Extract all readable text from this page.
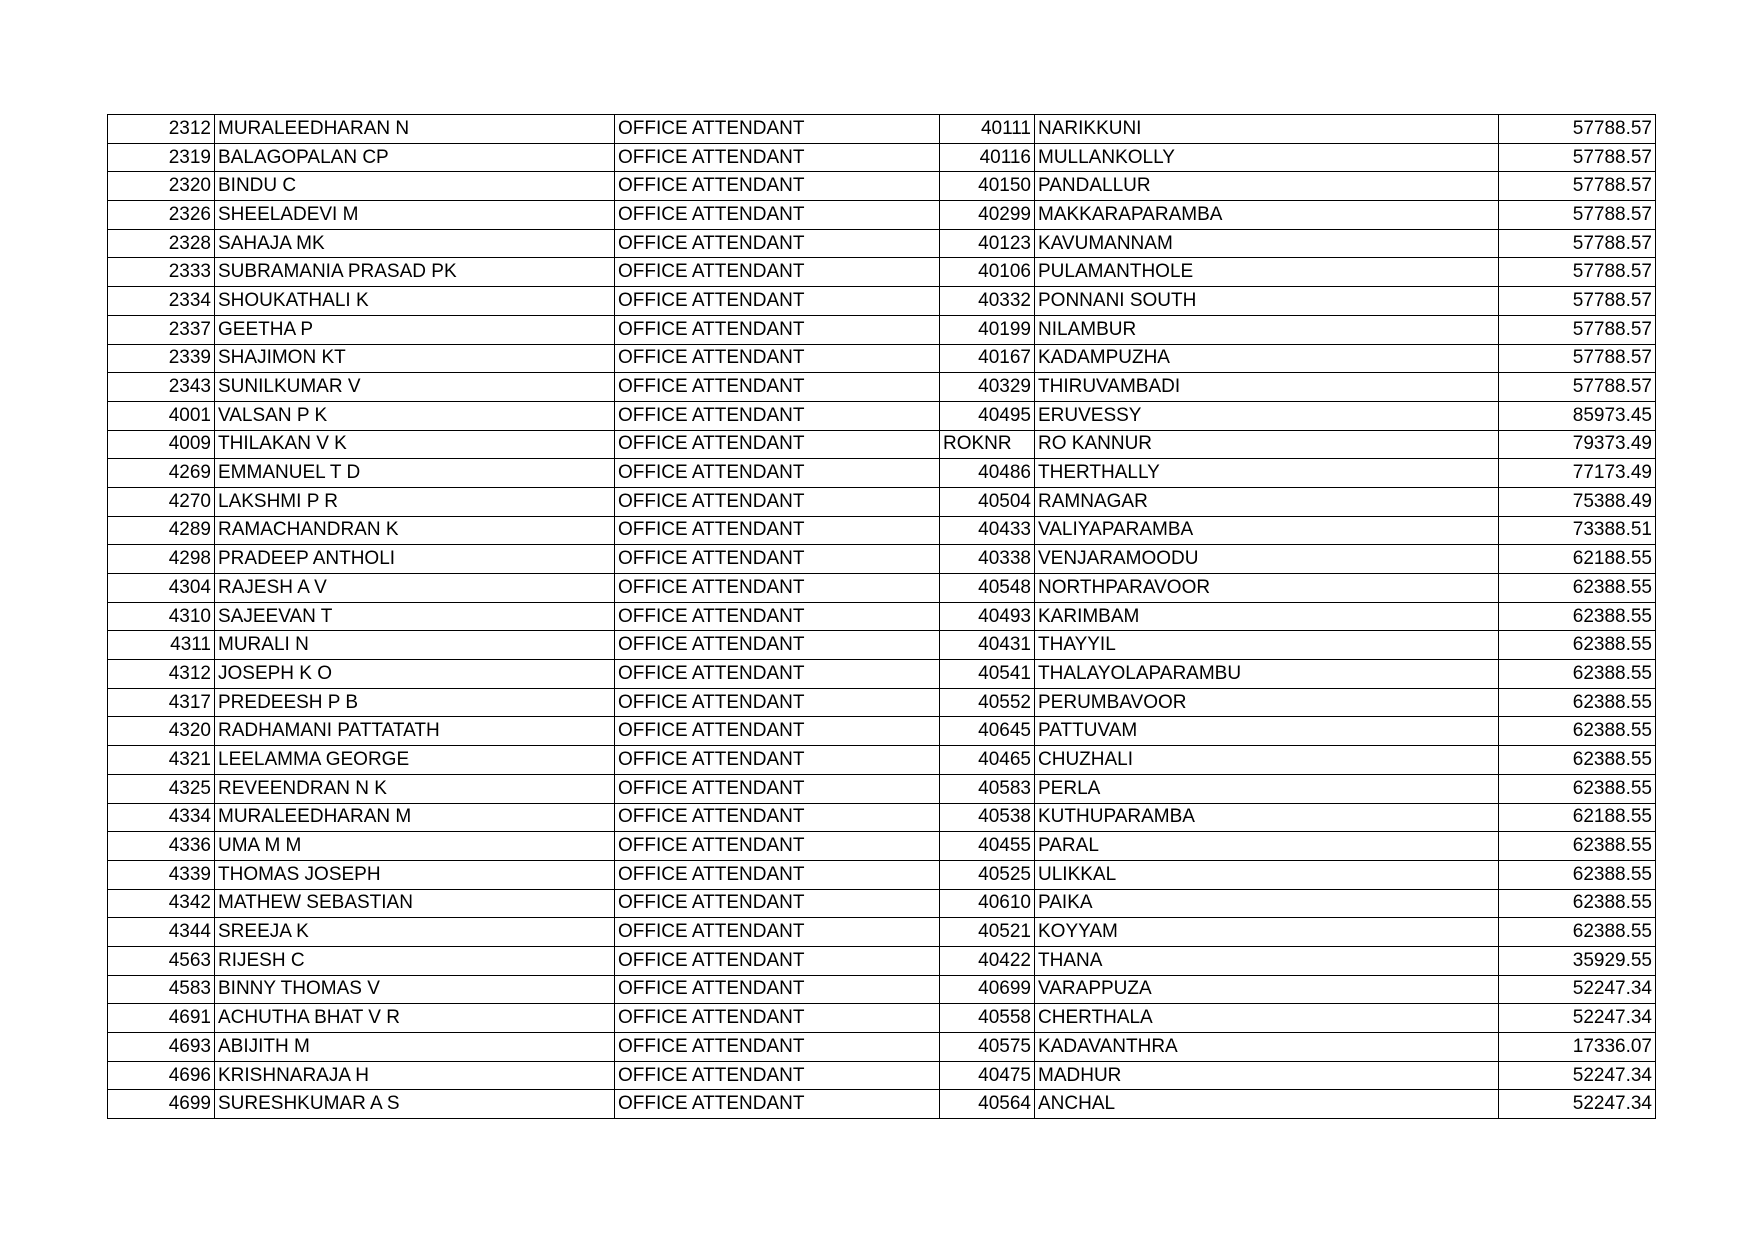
2312	MURALEEDHARAN N	OFFICE ATTENDANT	40111	NARIKKUNI	57788.57
2319	BALAGOPALAN CP	OFFICE ATTENDANT	40116	MULLANKOLLY	57788.57
2320	BINDU C	OFFICE ATTENDANT	40150	PANDALLUR	57788.57
2326	SHEELADEVI M	OFFICE ATTENDANT	40299	MAKKARAPARAMBA	57788.57
2328	SAHAJA MK	OFFICE ATTENDANT	40123	KAVUMANNAM	57788.57
2333	SUBRAMANIA PRASAD PK	OFFICE ATTENDANT	40106	PULAMANTHOLE	57788.57
2334	SHOUKATHALI K	OFFICE ATTENDANT	40332	PONNANI SOUTH	57788.57
2337	GEETHA P	OFFICE ATTENDANT	40199	NILAMBUR	57788.57
2339	SHAJIMON KT	OFFICE ATTENDANT	40167	KADAMPUZHA	57788.57
2343	SUNILKUMAR V	OFFICE ATTENDANT	40329	THIRUVAMBADI	57788.57
4001	VALSAN P K	OFFICE ATTENDANT	40495	ERUVESSY	85973.45
4009	THILAKAN V K	OFFICE ATTENDANT	ROKNR	RO KANNUR	79373.49
4269	EMMANUEL T D	OFFICE ATTENDANT	40486	THERTHALLY	77173.49
4270	LAKSHMI P R	OFFICE ATTENDANT	40504	RAMNAGAR	75388.49
4289	RAMACHANDRAN K	OFFICE ATTENDANT	40433	VALIYAPARAMBA	73388.51
4298	PRADEEP ANTHOLI	OFFICE ATTENDANT	40338	VENJARAMOODU	62188.55
4304	RAJESH A V	OFFICE ATTENDANT	40548	NORTHPARAVOOR	62388.55
4310	SAJEEVAN T	OFFICE ATTENDANT	40493	KARIMBAM	62388.55
4311	MURALI N	OFFICE ATTENDANT	40431	THAYYIL	62388.55
4312	JOSEPH K O	OFFICE ATTENDANT	40541	THALAYOLAPARAMBU	62388.55
4317	PREDEESH P B	OFFICE ATTENDANT	40552	PERUMBAVOOR	62388.55
4320	RADHAMANI PATTATATH	OFFICE ATTENDANT	40645	PATTUVAM	62388.55
4321	LEELAMMA GEORGE	OFFICE ATTENDANT	40465	CHUZHALI	62388.55
4325	REVEENDRAN N K	OFFICE ATTENDANT	40583	PERLA	62388.55
4334	MURALEEDHARAN M	OFFICE ATTENDANT	40538	KUTHUPARAMBA	62188.55
4336	UMA M M	OFFICE ATTENDANT	40455	PARAL	62388.55
4339	THOMAS JOSEPH	OFFICE ATTENDANT	40525	ULIKKAL	62388.55
4342	MATHEW SEBASTIAN	OFFICE ATTENDANT	40610	PAIKA	62388.55
4344	SREEJA K	OFFICE ATTENDANT	40521	KOYYAM	62388.55
4563	RIJESH C	OFFICE ATTENDANT	40422	THANA	35929.55
4583	BINNY THOMAS V	OFFICE ATTENDANT	40699	VARAPPUZA	52247.34
4691	ACHUTHA BHAT V R	OFFICE ATTENDANT	40558	CHERTHALA	52247.34
4693	ABIJITH M	OFFICE ATTENDANT	40575	KADAVANTHRA	17336.07
4696	KRISHNARAJA H	OFFICE ATTENDANT	40475	MADHUR	52247.34
4699	SURESHKUMAR A S	OFFICE ATTENDANT	40564	ANCHAL	52247.34
